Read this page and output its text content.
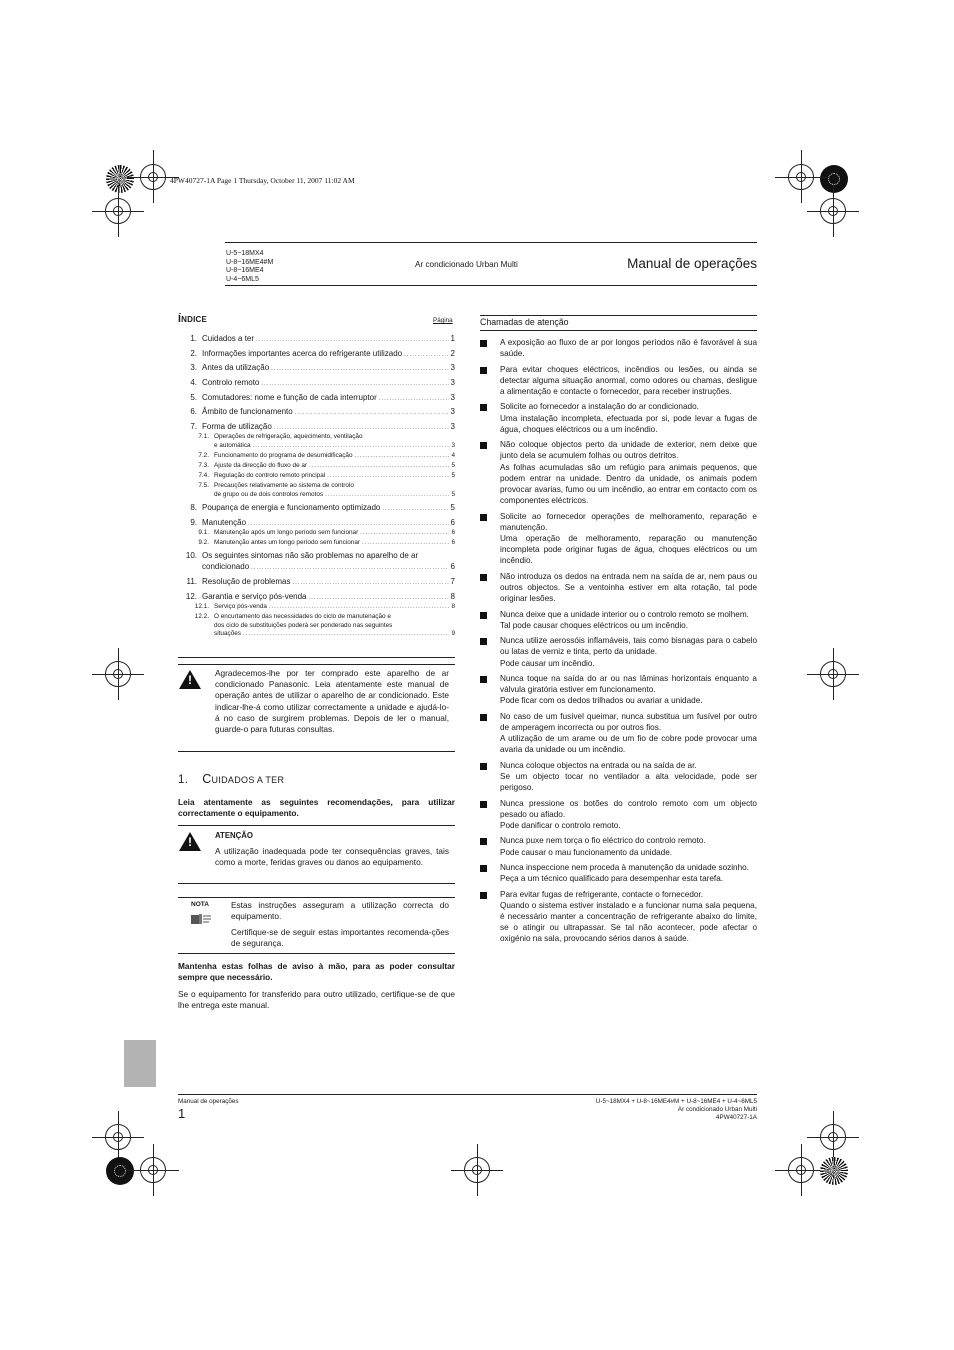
4PW40727-1A Page 1 Thursday, October 11, 2007 11:02 AM
U-5~18MX4
U-8~16ME4#M
U-8~16ME4
U-4~6ML5
Ar condicionado Urban Multi	Manual de operações
ÍNDICE	Página
1. Cuidados a ter .....	1
2. Informações importantes acerca do refrigerante utilizado .....	2
3. Antes da utilização .....	3
4. Controlo remoto .....	3
5. Comutadores: nome e função de cada interruptor .....	3
6. Âmbito de funcionamento .....	3
7. Forma de utilização .....	3
7.1. Operações de refrigeração, aquecimento, ventilação
e automática .....	3
7.2. Funcionamento do programa de desumidificação .....	4
7.3. Ajuste da direcção do fluxo de ar .....	5
7.4. Regulação do controlo remoto principal .....	5
7.5. Precauções relativamente ao sistema de controlo
de grupo ou de dois controlos remotos .....	5
8. Poupança de energia e funcionamento optimizado .....	5
9. Manutenção .....	6
9.1. Manutenção após um longo período sem funcionar .....	6
9.2. Manutenção antes um longo período sem funcionar .....	6
10. Os seguintes sintomas não são problemas no aparelho de ar
condicionado .....	6
11. Resolução de problemas .....	7
12. Garantia e serviço pós-venda .....	8
12.1. Serviço pós-venda .....	8
12.2. O encurtamento das necessidades do ciclo de manutenação e
dos ciclo de substituições poderá ser ponderado nas seguintes
situações .....	9
!
Agradecemos-lhe por ter comprado este aparelho de ar condicionado Panasonic. Leia atentamente este manual de operação antes de utilizar o aparelho de ar condicionado. Este indicar-lhe-á como utilizar correctamente a unidade e ajudá-lo-á no caso de surgirem problemas. Depois de ler o manual, guarde-o para futuras consultas.
1. CUIDADOS A TER
Leia atentamente as seguintes recomendações, para utilizar correctamente o equipamento.
!
ATENÇÃO
A utilização inadequada pode ter consequências graves, tais como a morte, feridas graves ou danos ao equipamento.
NOTA	Estas instruções asseguram a utilização correcta do equipamento.
Certifique-se de seguir estas importantes recomenda-ções de segurança.
Mantenha estas folhas de aviso à mão, para as poder consultar sempre que necessário.
Se o equipamento for transferido para outro utilizado, certifique-se de que lhe entrega este manual.
Chamadas de atenção
A exposição ao fluxo de ar por longos períodos não é favorável à sua saúde.
Para evitar choques eléctricos, incêndios ou lesões, ou ainda se detectar alguma situação anormal, como odores ou chamas, desligue a alimentação e contacte o fornecedor, para receber instruções.
Solicite ao fornecedor a instalação do ar condicionado.
Uma instalação incompleta, efectuada por si, pode levar a fugas de água, choques eléctricos ou a um incêndio.
Não coloque objectos perto da unidade de exterior, nem deixe que junto dela se acumulem folhas ou outros detritos.
As folhas acumuladas são um refúgio para animais pequenos, que podem entrar na unidade. Dentro da unidade, os animais podem provocar avarias, fumo ou um incêndio, ao entrar em contacto com os componentes eléctricos.
Solicite ao fornecedor operações de melhoramento, reparação e manutenção.
Uma operação de melhoramento, reparação ou manutenção incompleta pode originar fugas de água, choques eléctricos ou um incêndio.
Não introduza os dedos na entrada nem na saída de ar, nem paus ou outros objectos. Se a ventoinha estiver em alta rotação, tal pode originar lesões.
Nunca deixe que a unidade interior ou o controlo remoto se molhem.
Tal pode causar choques eléctricos ou um incêndio.
Nunca utilize aerossóis inflamáveis, tais como bisnagas para o cabelo ou latas de verniz e tinta, perto da unidade.
Pode causar um incêndio.
Nunca toque na saída do ar ou nas lâminas horizontais enquanto a válvula giratória estiver em funcionamento.
Pode ficar com os dedos trilhados ou avariar a unidade.
No caso de um fusível queimar, nunca substitua um fusível por outro de amperagem incorrecta ou por outros fios.
A utilização de um arame ou de um fio de cobre pode provocar uma avaria da unidade ou um incêndio.
Nunca coloque objectos na entrada ou na saída de ar.
Se um objecto tocar no ventilador a alta velocidade, pode ser perigoso.
Nunca pressione os botões do controlo remoto com um objecto pesado ou afiado.
Pode danificar o controlo remoto.
Nunca puxe nem torça o fio eléctrico do controlo remoto.
Pode causar o mau funcionamento da unidade.
Nunca inspeccione nem proceda à manutenção da unidade sozinho.
Peça a um técnico qualificado para desempenhar esta tarefa.
Para evitar fugas de refrigerante, contacte o fornecedor.
Quando o sistema estiver instalado e a funcionar numa sala pequena, é necessário manter a concentração de refrigerante abaixo do limite, se o atingir ou ultrapassar. Se tal não acontecer, pode afectar o oxigénio na sala, provocando sérios danos à saúde.
Manual de operações
1
U-5~18MX4 + U-8~16ME4#M + U-8~16ME4 + U-4~6ML5
Ar condicionado Urban Multi
4PW40727-1A
